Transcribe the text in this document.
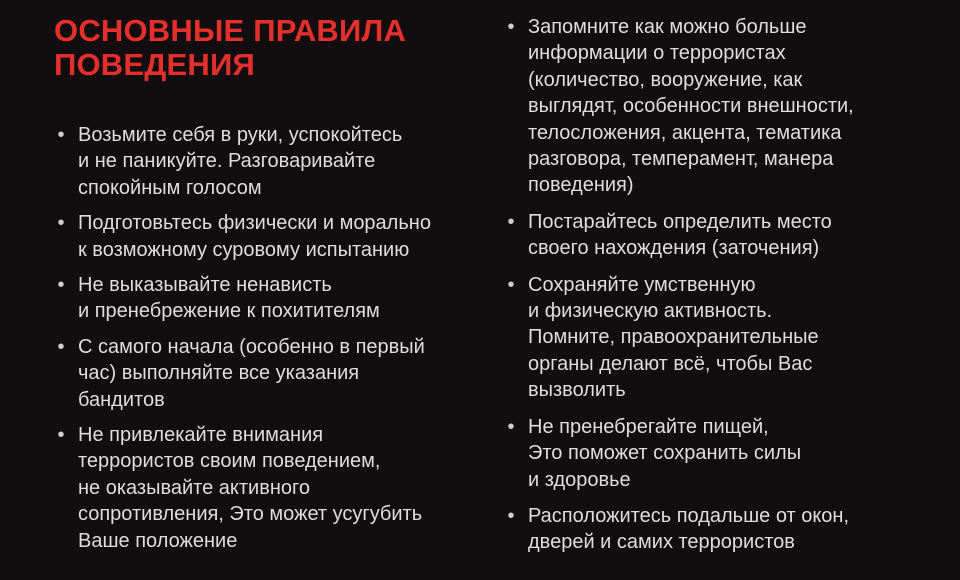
ОСНОВНЫЕ ПРАВИЛА
ПОВЕДЕНИЯ
• Возьмите себя в руки, успокойтесь
и не паникуйте. Разговаривайте
спокойным голосом
• Подготовьтесь физически и морально
к возможному суровому испытанию
• Не выказывайте ненависть
и пренебрежение к похитителям
• С самого начала (особенно в первый
час) выполняйте все указания
бандитов
• Не привлекайте внимания
террористов своим поведением,
не оказывайте активного
сопротивления, Это может усугубить
Ваше положение
• Запомните как можно больше
информации о террористах
(количество, вооружение, как
выглядят, особенности внешности,
телосложения, акцента, тематика
разговора, темперамент, манера
поведения)
• Постарайтесь определить место
своего нахождения (заточения)
• Сохраняйте умственную
и физическую активность.
Помните, правоохранительные
органы делают всё, чтобы Вас
вызволить
• Не пренебрегайте пищей,
Это поможет сохранить силы
и здоровье
• Расположитесь подальше от окон,
дверей и самих террористов
